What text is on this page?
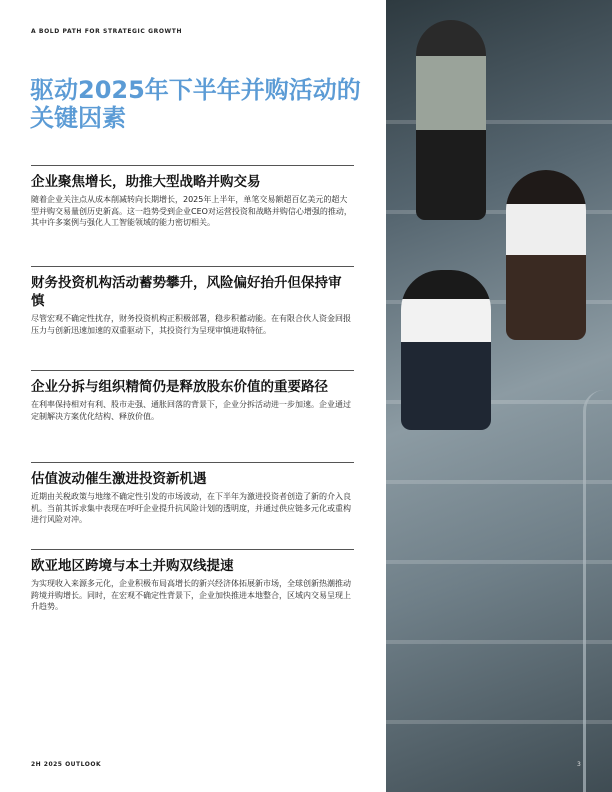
A BOLD PATH FOR STRATEGIC GROWTH
驱动2025年下半年并购活动的关键因素
企业聚焦增长，助推大型战略并购交易

随着企业关注点从成本削减转向长期增长，2025年上半年，单笔交易额超百亿美元的超大型并购交易量创历史新高。这一趋势受到企业CEO对运营投资和战略并购信心增强的推动，其中许多案例与强化人工智能领域的能力密切相关。

财务投资机构活动蓄势攀升，风险偏好抬升但保持审慎

尽管宏观不确定性扰存，财务投资机构正积极部署，稳步积蓄动能。在有限合伙人资金回报压力与创新迅速加速的双重驱动下，其投资行为呈现审慎进取特征。

企业分拆与组织精简仍是释放股东价值的重要路径

在利率保持相对有利、股市走强、通胀回落的背景下，企业分拆活动进一步加速。企业通过定制解决方案优化结构、释放价值。

估值波动催生激进投资新机遇

近期由关税政策与地缘不确定性引发的市场波动，在下半年为激进投资者创造了新的介入良机。当前其诉求集中表现在呼吁企业提升抗风险计划的透明度，并通过供应链多元化或重构进行风险对冲。

欧亚地区跨境与本土并购双线提速

为实现收入来源多元化，企业积极布局高增长的新兴经济体拓展新市场，全球创新热潮推动跨境并购增长。同时，在宏观不确定性背景下，企业加快推进本地整合，区域内交易呈现上升趋势。

2H 2025 OUTLOOK	3
